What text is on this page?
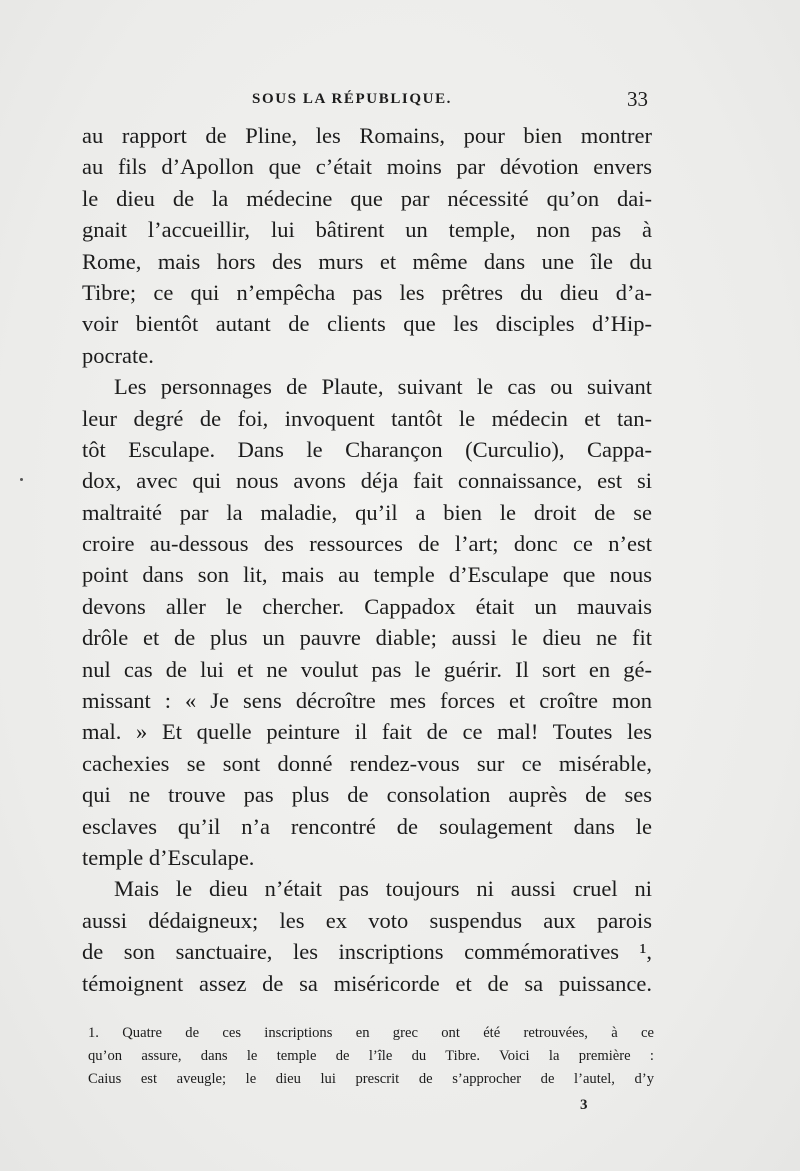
SOUS LA RÉPUBLIQUE.	33
au rapport de Pline, les Romains, pour bien montrer
au fils d’Apollon que c’était moins par dévotion envers
le dieu de la médecine que par nécessité qu’on dai-
gnait l’accueillir, lui bâtirent un temple, non pas à
Rome, mais hors des murs et même dans une île du
Tibre; ce qui n’empêcha pas les prêtres du dieu d’a-
voir bientôt autant de clients que les disciples d’Hip-
pocrate.
Les personnages de Plaute, suivant le cas ou suivant
leur degré de foi, invoquent tantôt le médecin et tan-
tôt Esculape. Dans le Charançon (Curculio), Cappa-
dox, avec qui nous avons déja fait connaissance, est si
maltraité par la maladie, qu’il a bien le droit de se
croire au-dessous des ressources de l’art; donc ce n’est
point dans son lit, mais au temple d’Esculape que nous
devons aller le chercher. Cappadox était un mauvais
drôle et de plus un pauvre diable; aussi le dieu ne fit
nul cas de lui et ne voulut pas le guérir. Il sort en gé-
missant : « Je sens décroître mes forces et croître mon
mal. » Et quelle peinture il fait de ce mal! Toutes les
cachexies se sont donné rendez-vous sur ce misérable,
qui ne trouve pas plus de consolation auprès de ses
esclaves qu’il n’a rencontré de soulagement dans le
temple d’Esculape.
Mais le dieu n’était pas toujours ni aussi cruel ni
aussi dédaigneux; les ex voto suspendus aux parois
de son sanctuaire, les inscriptions commémoratives ¹,
témoignent assez de sa miséricorde et de sa puissance.
1. Quatre de ces inscriptions en grec ont été retrouvées, à ce
qu’on assure, dans le temple de l’île du Tibre. Voici la première :
Caius est aveugle; le dieu lui prescrit de s’approcher de l’autel, d’y
3
